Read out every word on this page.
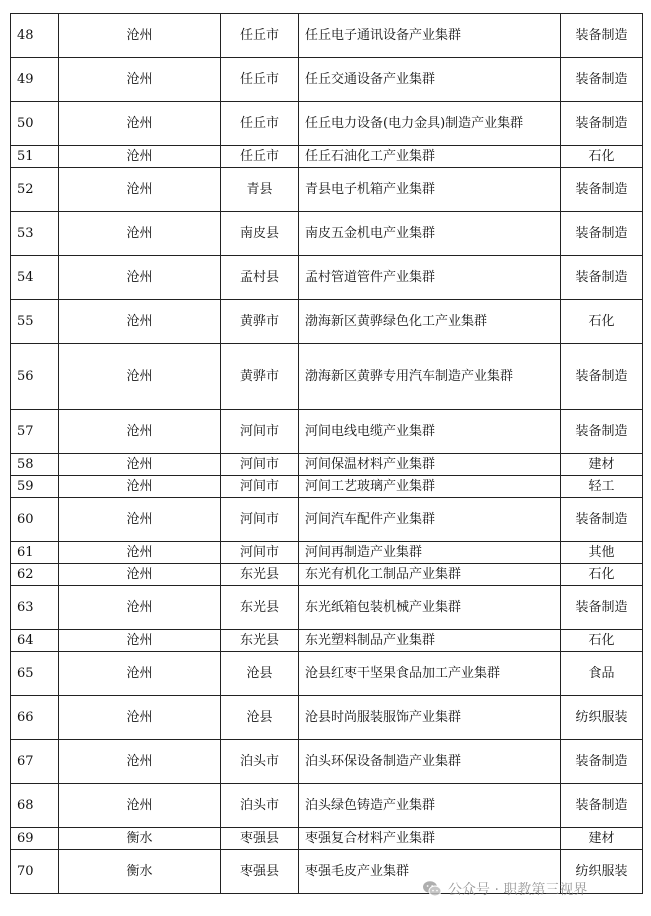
48	沧州	任丘市	任丘电子通讯设备产业集群	装备制造
49	沧州	任丘市	任丘交通设备产业集群	装备制造
50	沧州	任丘市	任丘电力设备(电力金具)制造产业集群	装备制造
51	沧州	任丘市	任丘石油化工产业集群	石化
52	沧州	青县	青县电子机箱产业集群	装备制造
53	沧州	南皮县	南皮五金机电产业集群	装备制造
54	沧州	孟村县	孟村管道管件产业集群	装备制造
55	沧州	黄骅市	渤海新区黄骅绿色化工产业集群	石化
56	沧州	黄骅市	渤海新区黄骅专用汽车制造产业集群	装备制造
57	沧州	河间市	河间电线电缆产业集群	装备制造
58	沧州	河间市	河间保温材料产业集群	建材
59	沧州	河间市	河间工艺玻璃产业集群	轻工
60	沧州	河间市	河间汽车配件产业集群	装备制造
61	沧州	河间市	河间再制造产业集群	其他
62	沧州	东光县	东光有机化工制品产业集群	石化
63	沧州	东光县	东光纸箱包装机械产业集群	装备制造
64	沧州	东光县	东光塑料制品产业集群	石化
65	沧州	沧县	沧县红枣干坚果食品加工产业集群	食品
66	沧州	沧县	沧县时尚服装服饰产业集群	纺织服装
67	沧州	泊头市	泊头环保设备制造产业集群	装备制造
68	沧州	泊头市	泊头绿色铸造产业集群	装备制造
69	衡水	枣强县	枣强复合材料产业集群	建材
70	衡水	枣强县	枣强毛皮产业集群	纺织服装
公众号 · 职教第三视界
